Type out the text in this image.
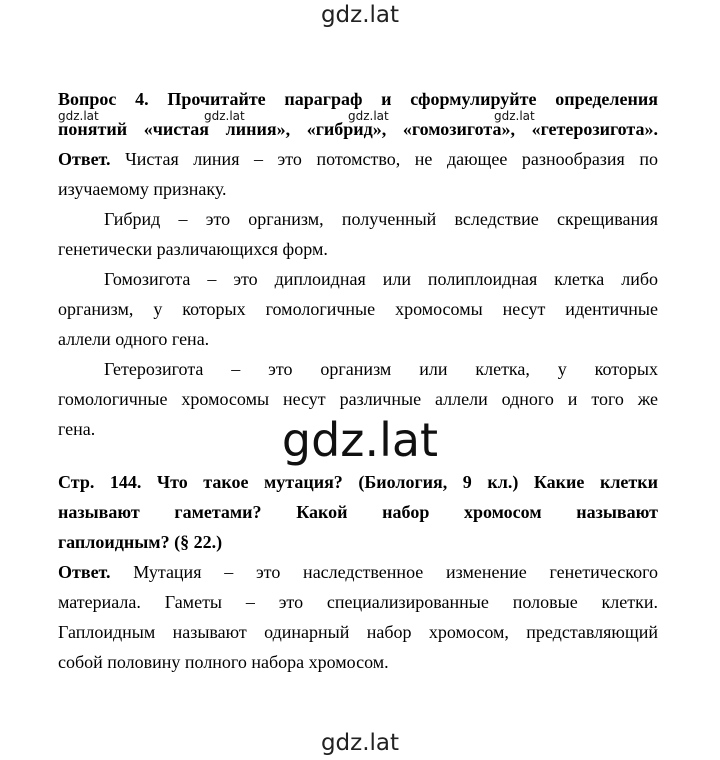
gdz.lat
Вопрос 4. Прочитайте параграф и сформулируйте определения
понятий «чистая линия», «гибрид», «гомозигота», «гетерозигота».
gdz.lat	gdz.lat	gdz.lat	gdz.lat
Ответ. Чистая линия – это потомство, не дающее разнообразия по
изучаемому признаку.
Гибрид – это организм, полученный вследствие скрещивания
генетически различающихся форм.
Гомозигота – это диплоидная или полиплоидная клетка либо
организм, у которых гомологичные хромосомы несут идентичные
аллели одного гена.
Гетерозигота – это организм или клетка, у которых
гомологичные хромосомы несут различные аллели одного и того же
гена.	gdz.lat
Стр. 144. Что такое мутация? (Биология, 9 кл.) Какие клетки
называют гаметами? Какой набор хромосом называют
гаплоидным? (§ 22.)
Ответ. Мутация – это наследственное изменение генетического
материала. Гаметы – это специализированные половые клетки.
Гаплоидным называют одинарный набор хромосом, представляющий
собой половину полного набора хромосом.
gdz.lat
